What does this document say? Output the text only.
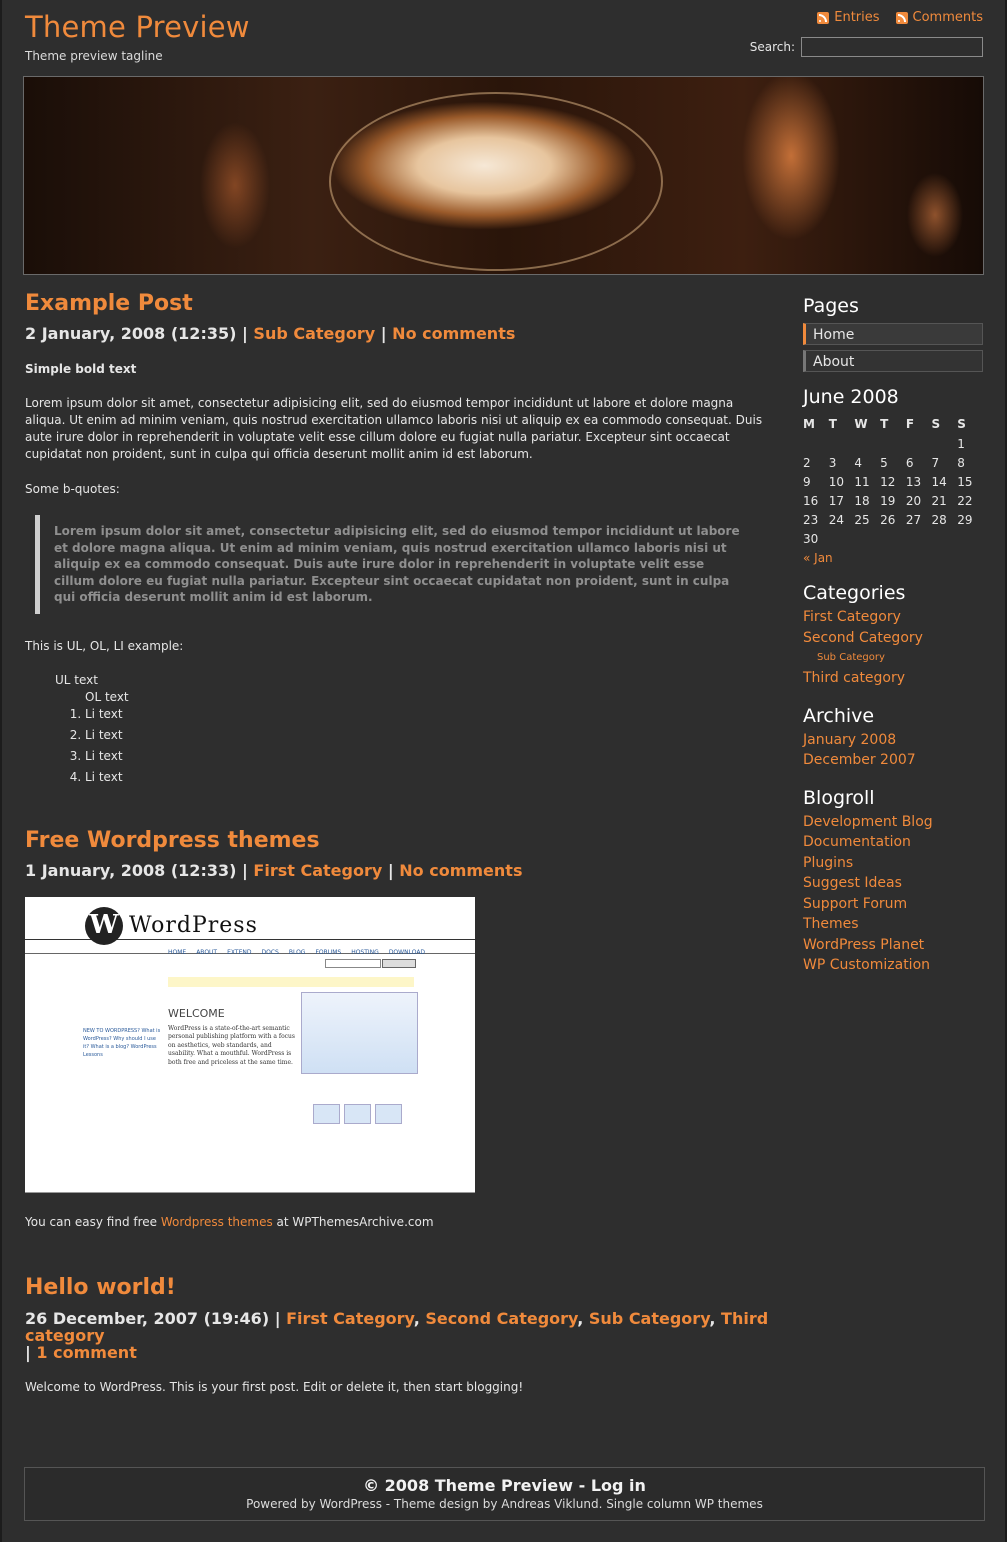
Theme Preview
Theme preview tagline
Entries	Comments
Search:
Example Post
2 January, 2008 (12:35) | Sub Category | No comments

Simple bold text

Lorem ipsum dolor sit amet, consectetur adipisicing elit, sed do eiusmod tempor incididunt ut labore et dolore magna aliqua. Ut enim ad minim veniam, quis nostrud exercitation ullamco laboris nisi ut aliquip ex ea commodo consequat. Duis aute irure dolor in reprehenderit in voluptate velit esse cillum dolore eu fugiat nulla pariatur. Excepteur sint occaecat cupidatat non proident, sunt in culpa qui officia deserunt mollit anim id est laborum.

Some b-quotes:

Lorem ipsum dolor sit amet, consectetur adipisicing elit, sed do eiusmod tempor incididunt ut labore et dolore magna aliqua. Ut enim ad minim veniam, quis nostrud exercitation ullamco laboris nisi ut aliquip ex ea commodo consequat. Duis aute irure dolor in reprehenderit in voluptate velit esse cillum dolore eu fugiat nulla pariatur. Excepteur sint occaecat cupidatat non proident, sunt in culpa qui officia deserunt mollit anim id est laborum.

This is UL, OL, LI example:

UL text
OL text
1. Li text
2. Li text
3. Li text
4. Li text
Free Wordpress themes
1 January, 2008 (12:33) | First Category | No comments
W WordPress
HOME ABOUT EXTEND DOCS BLOG FORUMS HOSTING DOWNLOAD
WELCOME
WordPress is a state-of-the-art semantic personal publishing platform with a focus on aesthetics, web standards, and usability. What a mouthful. WordPress is both free and priceless at the same time.
NEW TO WORDPRESS? What is WordPress? Why should I use it? What is a blog? WordPress Lessons

You can easy find free Wordpress themes at WPThemesArchive.com

Hello world!
26 December, 2007 (19:46) | First Category, Second Category, Sub Category, Third category
| 1 comment

Welcome to WordPress. This is your first post. Edit or delete it, then start blogging!

Pages
Home
About
June 2008
M	T	W	T	F	S	S
						1
2	3	4	5	6	7	8
9	10	11	12	13	14	15
16	17	18	19	20	21	22
23	24	25	26	27	28	29
30						
« Jan
Categories
First Category
Second Category
Sub Category
Third category
Archive
January 2008
December 2007
Blogroll
Development Blog
Documentation
Plugins
Suggest Ideas
Support Forum
Themes
WordPress Planet
WP Customization
© 2008 Theme Preview - Log in
Powered by WordPress - Theme design by Andreas Viklund. Single column WP themes
